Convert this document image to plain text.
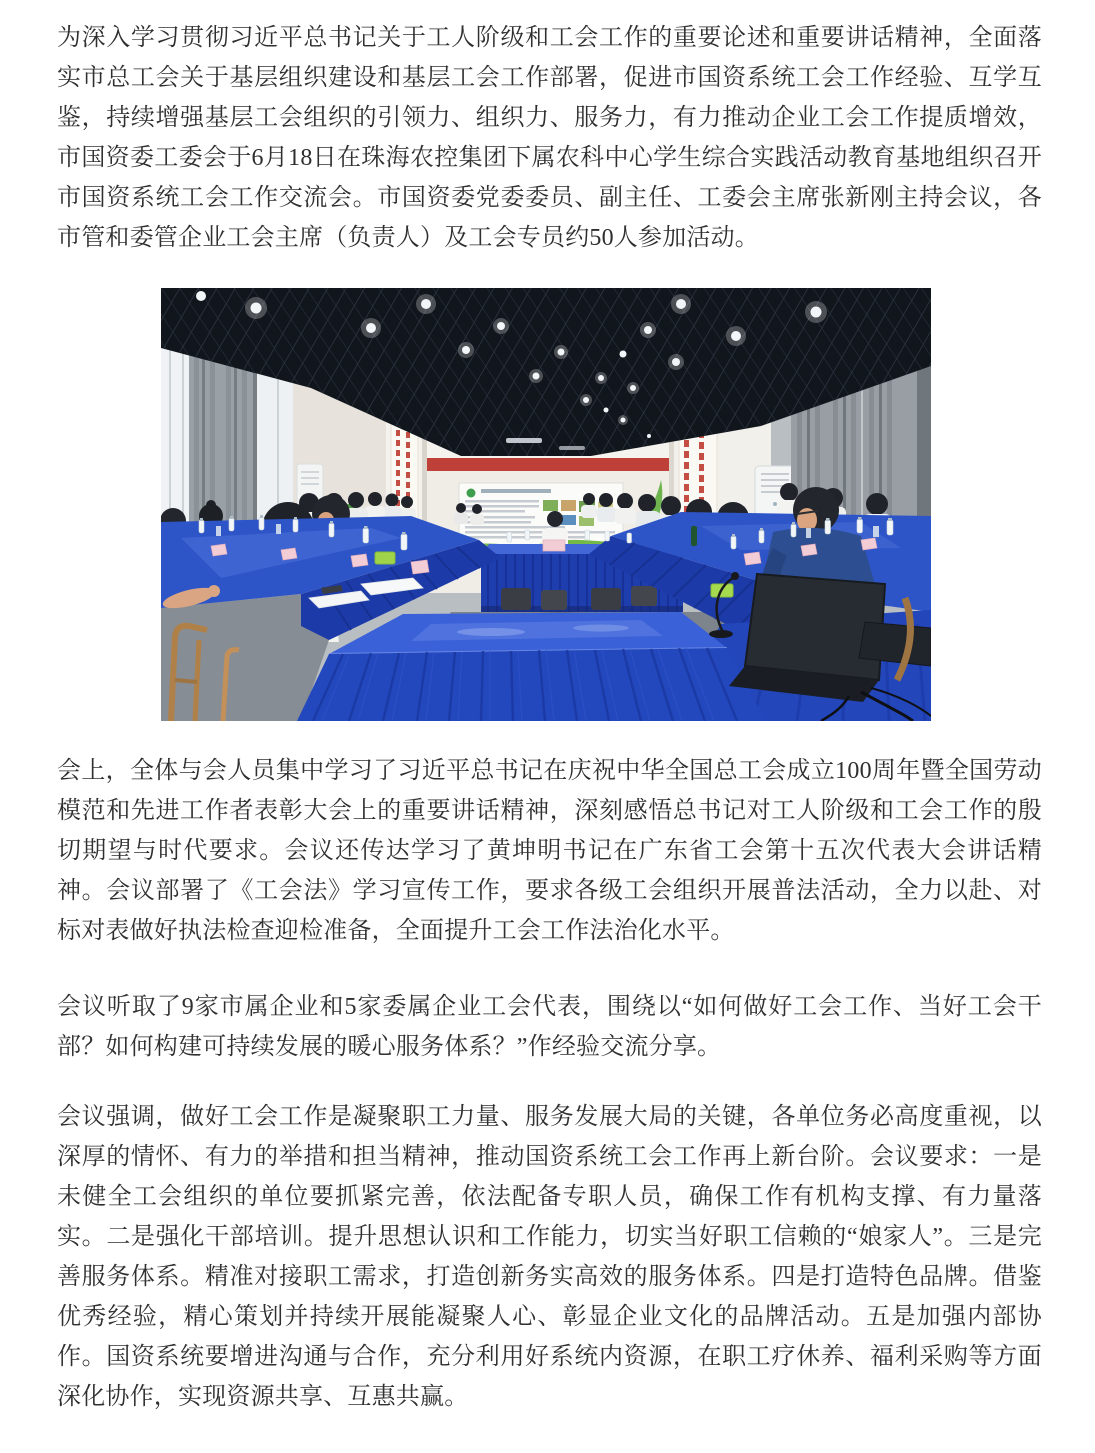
为深入学习贯彻习近平总书记关于工人阶级和工会工作的重要论述和重要讲话精神，全面落实市总工会关于基层组织建设和基层工会工作部署，促进市国资系统工会工作经验、互学互鉴，持续增强基层工会组织的引领力、组织力、服务力，有力推动企业工会工作提质增效，市国资委工委会于6月18日在珠海农控集团下属农科中心学生综合实践活动教育基地组织召开市国资系统工会工作交流会。市国资委党委委员、副主任、工委会主席张新刚主持会议，各市管和委管企业工会主席（负责人）及工会专员约50人参加活动。

会上，全体与会人员集中学习了习近平总书记在庆祝中华全国总工会成立100周年暨全国劳动模范和先进工作者表彰大会上的重要讲话精神，深刻感悟总书记对工人阶级和工会工作的殷切期望与时代要求。会议还传达学习了黄坤明书记在广东省工会第十五次代表大会讲话精神。会议部署了《工会法》学习宣传工作，要求各级工会组织开展普法活动，全力以赴、对标对表做好执法检查迎检准备，全面提升工会工作法治化水平。

会议听取了9家市属企业和5家委属企业工会代表，围绕以“如何做好工会工作、当好工会干部？如何构建可持续发展的暖心服务体系？”作经验交流分享。

会议强调，做好工会工作是凝聚职工力量、服务发展大局的关键，各单位务必高度重视，以深厚的情怀、有力的举措和担当精神，推动国资系统工会工作再上新台阶。会议要求：一是未健全工会组织的单位要抓紧完善，依法配备专职人员，确保工作有机构支撑、有力量落实。二是强化干部培训。提升思想认识和工作能力，切实当好职工信赖的“娘家人”。三是完善服务体系。精准对接职工需求，打造创新务实高效的服务体系。四是打造特色品牌。借鉴优秀经验，精心策划并持续开展能凝聚人心、彰显企业文化的品牌活动。五是加强内部协作。国资系统要增进沟通与合作，充分利用好系统内资源，在职工疗休养、福利采购等方面深化协作，实现资源共享、互惠共赢。
